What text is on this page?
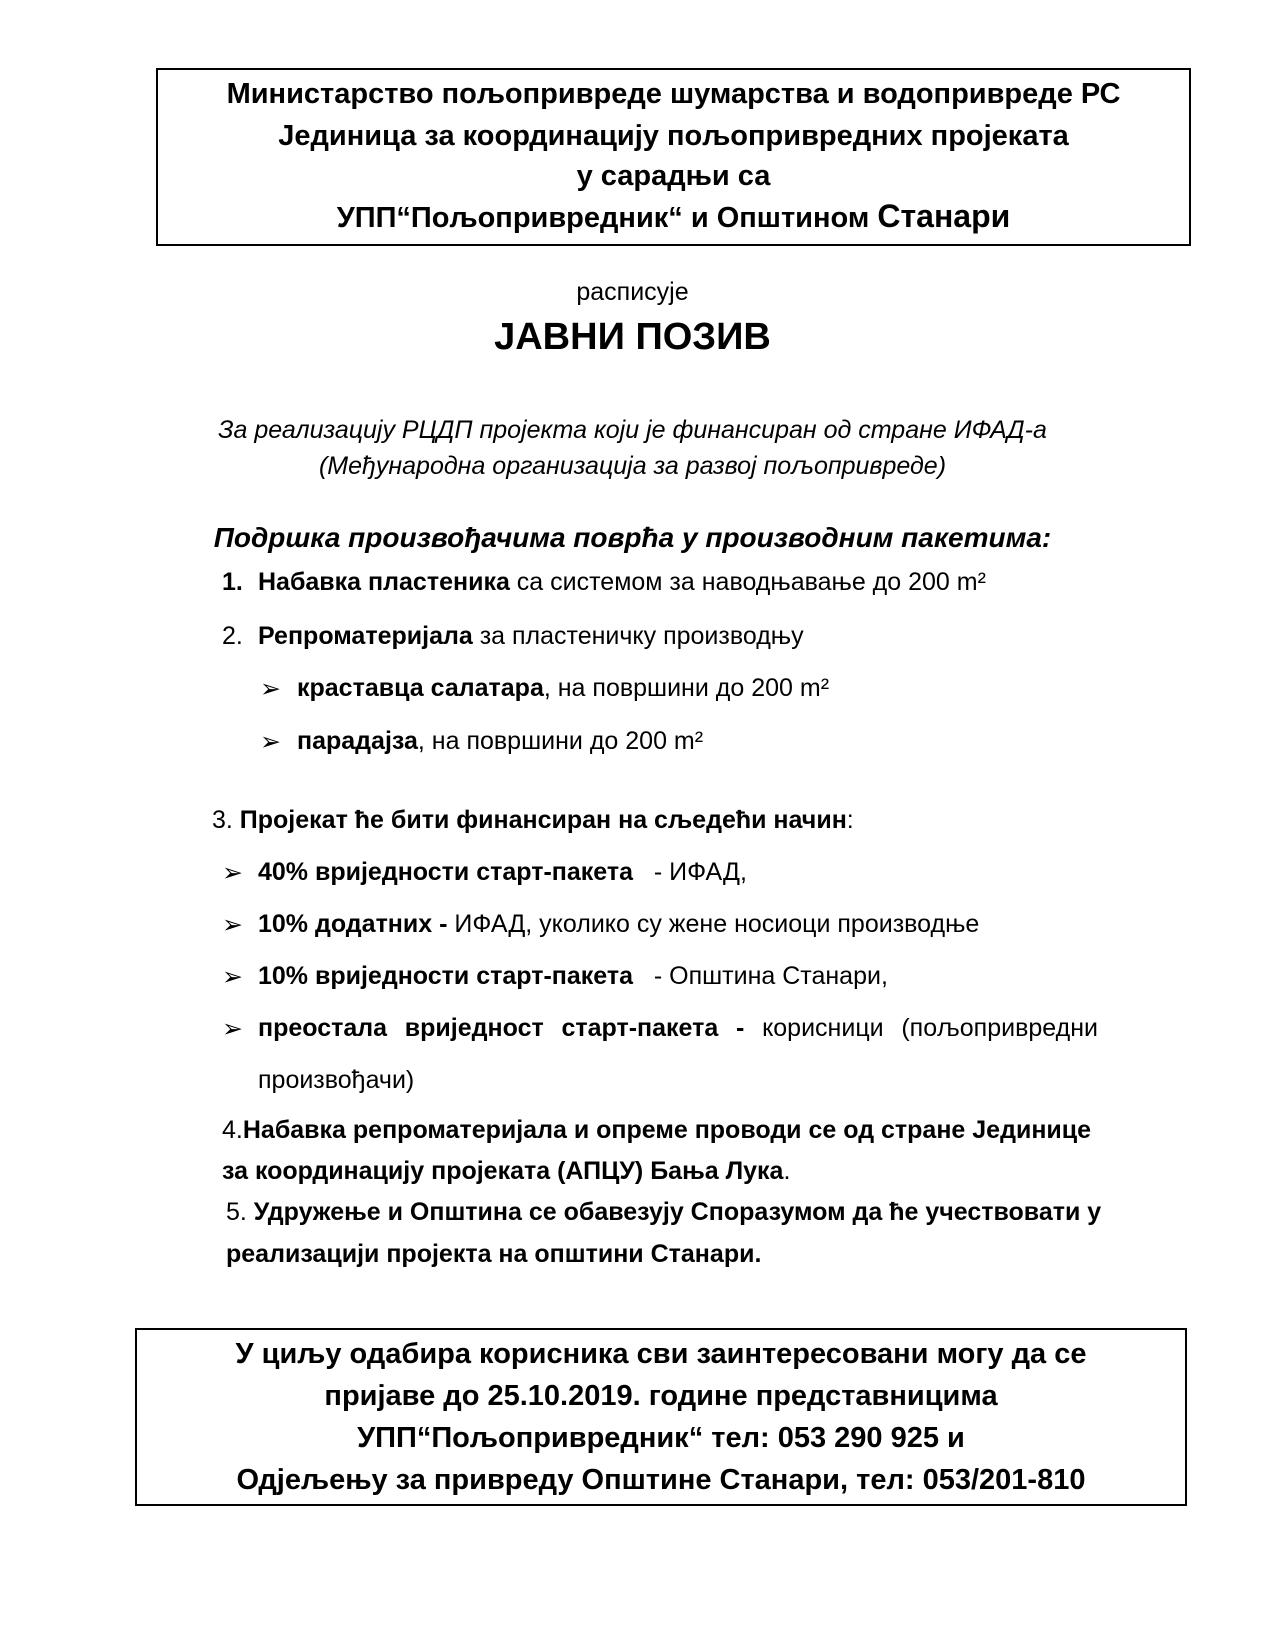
Министарство пољопривреде шумарства и водопривреде РС
Јединица за координацију пољопривредних пројеката
у сарадњи са
УПП“Пољопривредник“ и Општином Станари
расписује
ЈАВНИ ПОЗИВ
За реализацију РЦДП пројекта који је финансиран од стране ИФАД-а
(Међународна организација за развој пољопривреде)
Подршка произвођачима поврћа у производним пакетима:
1. Набавка пластеника са системом за наводњавање до 200 m²
2. Репроматеријала за пластеничку производњу
➢ краставца салатара, на површини до 200 m²
➢ парадајза, на површини до 200 m²
3. Пројекат ће бити финансиран на сљедећи начин:
➢ 40% вриједности старт-пакета   - ИФАД,
➢ 10% додатних - ИФАД, уколико су жене носиоци производње
➢ 10% вриједности старт-пакета   - Општина Станари,
➢ преостала вриједност старт-пакета - корисници (пољопривредни
произвођачи)
4.Набавка репроматеријала и опреме проводи се од стране Јединице
за координацију пројеката (АПЦУ) Бања Лука.
5. Удружење и Општина се обавезују Споразумом да ће учествовати у
реализацији пројекта на општини Станари.
У циљу одабира корисника сви заинтересовани могу да се
пријаве до 25.10.2019. године представницима
УПП“Пољопривредник“ тел: 053 290 925 и
Одјељењу за привреду Општине Станари, тел: 053/201-810
